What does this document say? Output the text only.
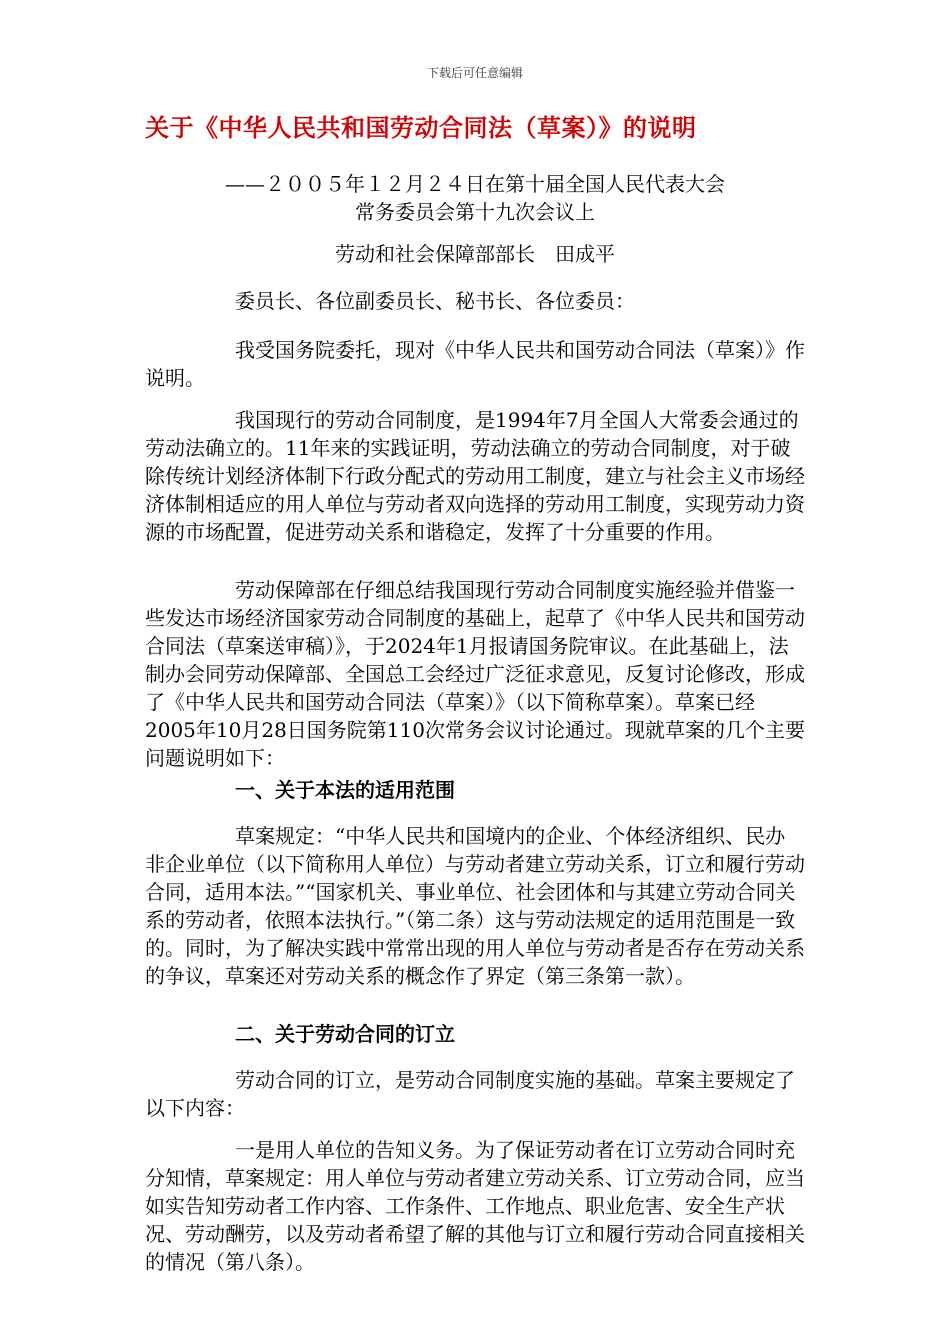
下载后可任意编辑
关于《中华人民共和国劳动合同法（草案）》的说明
——２００５年１２月２４日在第十届全国人民代表大会
常务委员会第十九次会议上
劳动和社会保障部部长　田成平
委员长、各位副委员长、秘书长、各位委员：
我受国务院委托，现对《中华人民共和国劳动合同法（草案）》作说明。
我国现行的劳动合同制度，是1994年7月全国人大常委会通过的劳动法确立的。11年来的实践证明，劳动法确立的劳动合同制度，对于破除传统计划经济体制下行政分配式的劳动用工制度，建立与社会主义市场经济体制相适应的用人单位与劳动者双向选择的劳动用工制度，实现劳动力资源的市场配置，促进劳动关系和谐稳定，发挥了十分重要的作用。
劳动保障部在仔细总结我国现行劳动合同制度实施经验并借鉴一些发达市场经济国家劳动合同制度的基础上，起草了《中华人民共和国劳动合同法（草案送审稿）》，于2024年1月报请国务院审议。在此基础上，法制办会同劳动保障部、全国总工会经过广泛征求意见，反复讨论修改，形成了《中华人民共和国劳动合同法（草案）》（以下简称草案）。草案已经2005年10月28日国务院第110次常务会议讨论通过。现就草案的几个主要问题说明如下：
一、关于本法的适用范围
草案规定：“中华人民共和国境内的企业、个体经济组织、民办非企业单位（以下简称用人单位）与劳动者建立劳动关系，订立和履行劳动合同，适用本法。”“国家机关、事业单位、社会团体和与其建立劳动合同关系的劳动者，依照本法执行。”（第二条）这与劳动法规定的适用范围是一致的。同时，为了解决实践中常常出现的用人单位与劳动者是否存在劳动关系的争议，草案还对劳动关系的概念作了界定（第三条第一款）。
二、关于劳动合同的订立
劳动合同的订立，是劳动合同制度实施的基础。草案主要规定了以下内容：
一是用人单位的告知义务。为了保证劳动者在订立劳动合同时充分知情，草案规定：用人单位与劳动者建立劳动关系、订立劳动合同，应当如实告知劳动者工作内容、工作条件、工作地点、职业危害、安全生产状况、劳动酬劳，以及劳动者希望了解的其他与订立和履行劳动合同直接相关的情况（第八条）。
